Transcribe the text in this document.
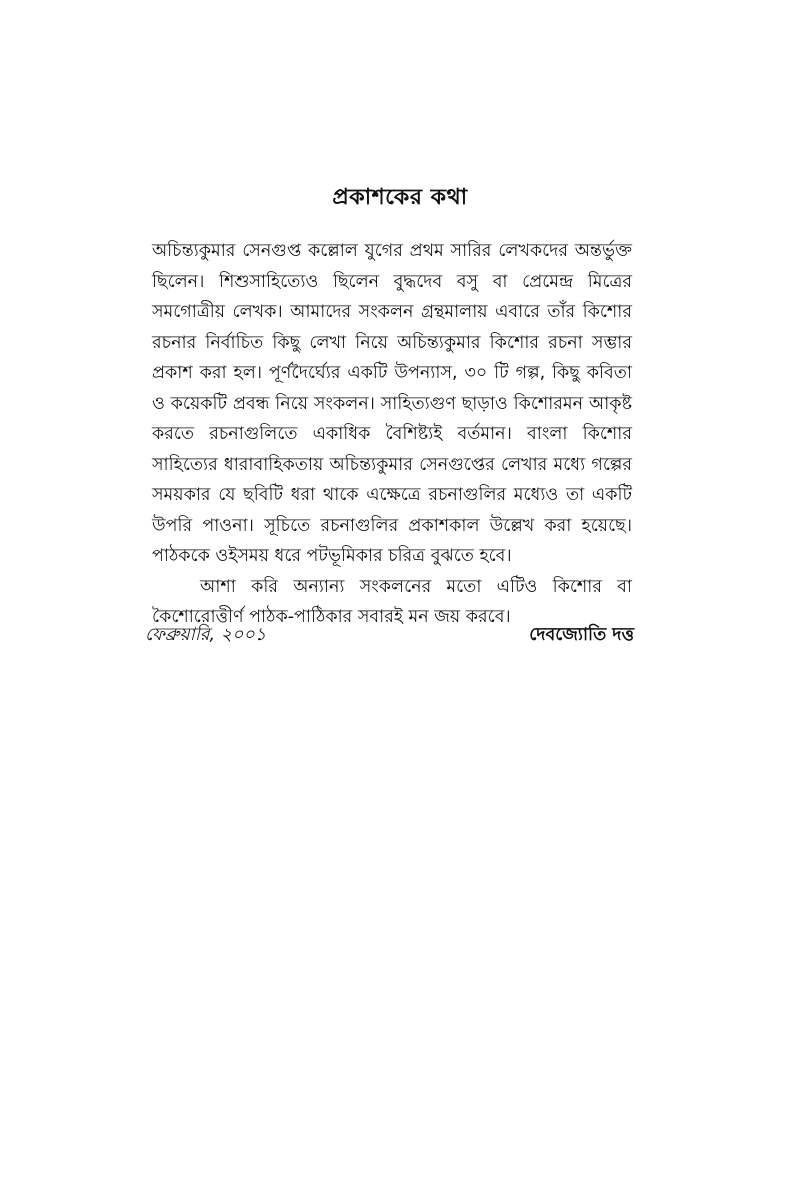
প্রকাশকের কথা

অচিন্ত্যকুমার সেনগুপ্ত কল্লোল যুগের প্রথম সারির লেখকদের অন্তর্ভুক্ত ছিলেন। শিশুসাহিত্যেও ছিলেন বুদ্ধদেব বসু বা প্রেমেন্দ্র মিত্রের সমগোত্রীয় লেখক। আমাদের সংকলন গ্রন্থমালায় এবারে তাঁর কিশোর রচনার নির্বাচিত কিছু লেখা নিয়ে অচিন্ত্যকুমার কিশোর রচনা সম্ভার প্রকাশ করা হল। পূর্ণদৈর্ঘ্যের একটি উপন্যাস, ৩০ টি গল্প, কিছু কবিতা ও কয়েকটি প্রবন্ধ নিয়ে সংকলন। সাহিত্যগুণ ছাড়াও কিশোরমন আকৃষ্ট করতে রচনাগুলিতে একাধিক বৈশিষ্ট্যই বর্তমান। বাংলা কিশোর সাহিত্যের ধারাবাহিকতায় অচিন্ত্যকুমার সেনগুপ্তের লেখার মধ্যে গল্পের সময়কার যে ছবিটি ধরা থাকে এক্ষেত্রে রচনাগুলির মধ্যেও তা একটি উপরি পাওনা। সূচিতে রচনাগুলির প্রকাশকাল উল্লেখ করা হয়েছে। পাঠককে ওইসময় ধরে পটভূমিকার চরিত্র বুঝতে হবে।

আশা করি অন্যান্য সংকলনের মতো এটিও কিশোর বা কৈশোরোত্তীর্ণ পাঠক-পাঠিকার সবারই মন জয় করবে।

ফেব্রুয়ারি, ২০০১	দেবজ্যোতি দত্ত
